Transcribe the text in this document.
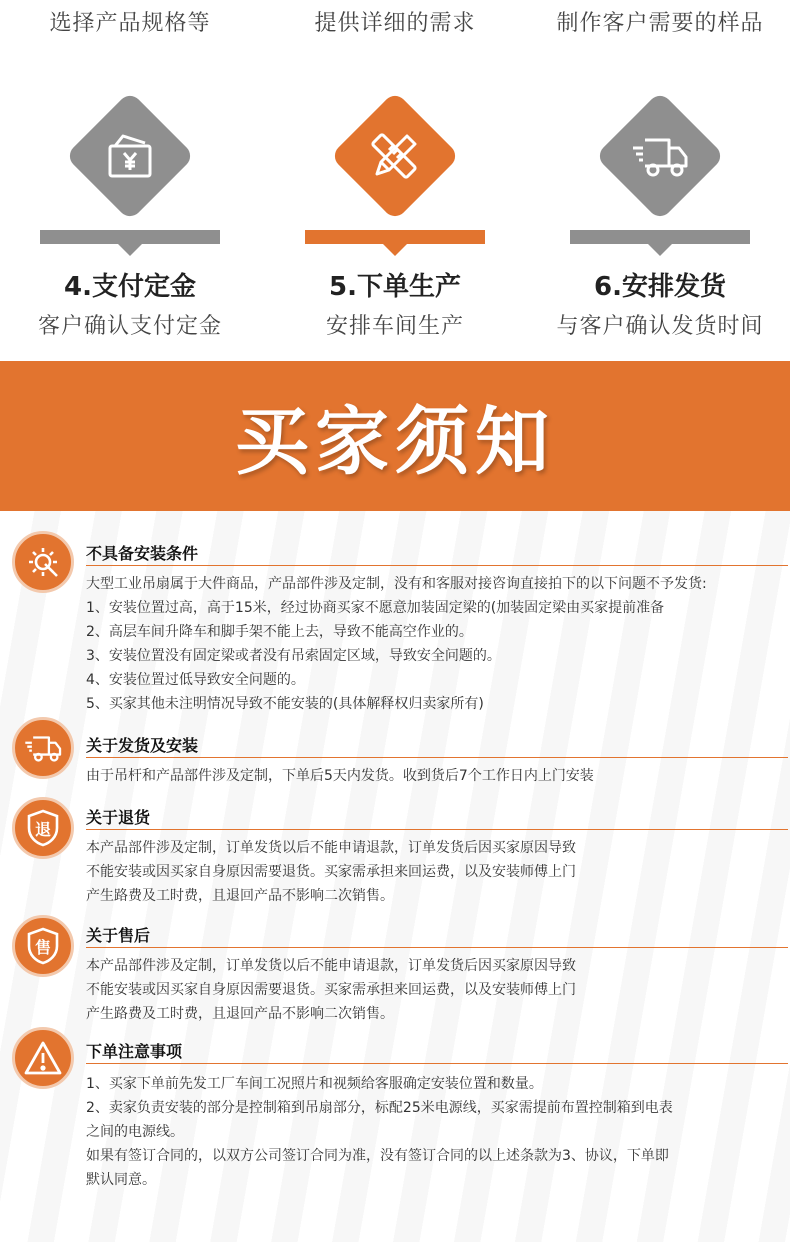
选择产品规格等	提供详细的需求	制作客户需要的样品
4.支付定金
客户确认支付定金
5.下单生产
安排车间生产
6.安排发货
与客户确认发货时间
买家须知
不具备安装条件

大型工业吊扇属于大件商品，产品部件涉及定制，没有和客服对接咨询直接拍下的以下问题不予发货:

1、安装位置过高，高于15米，经过协商买家不愿意加装固定梁的(加装固定梁由买家提前准备

2、高层车间升降车和脚手架不能上去，导致不能高空作业的。

3、安装位置没有固定梁或者没有吊索固定区域，导致安全问题的。

4、安装位置过低导致安全问题的。

5、买家其他未注明情况导致不能安装的(具体解释权归卖家所有)

关于发货及安装

由于吊杆和产品部件涉及定制，下单后5天内发货。收到货后7个工作日内上门安装

退
关于退货

本产品部件涉及定制，订单发货以后不能申请退款，订单发货后因买家原因导致

不能安装或因买家自身原因需要退货。买家需承担来回运费，以及安装师傅上门

产生路费及工时费，且退回产品不影响二次销售。

售
关于售后

本产品部件涉及定制，订单发货以后不能申请退款，订单发货后因买家原因导致

不能安装或因买家自身原因需要退货。买家需承担来回运费，以及安装师傅上门

产生路费及工时费，且退回产品不影响二次销售。

下单注意事项

1、买家下单前先发工厂车间工况照片和视频给客服确定安装位置和数量。

2、卖家负责安装的部分是控制箱到吊扇部分，标配25米电源线，买家需提前布置控制箱到电表

之间的电源线。

如果有签订合同的，以双方公司签订合同为准，没有签订合同的以上述条款为3、协议，下单即

默认同意。
